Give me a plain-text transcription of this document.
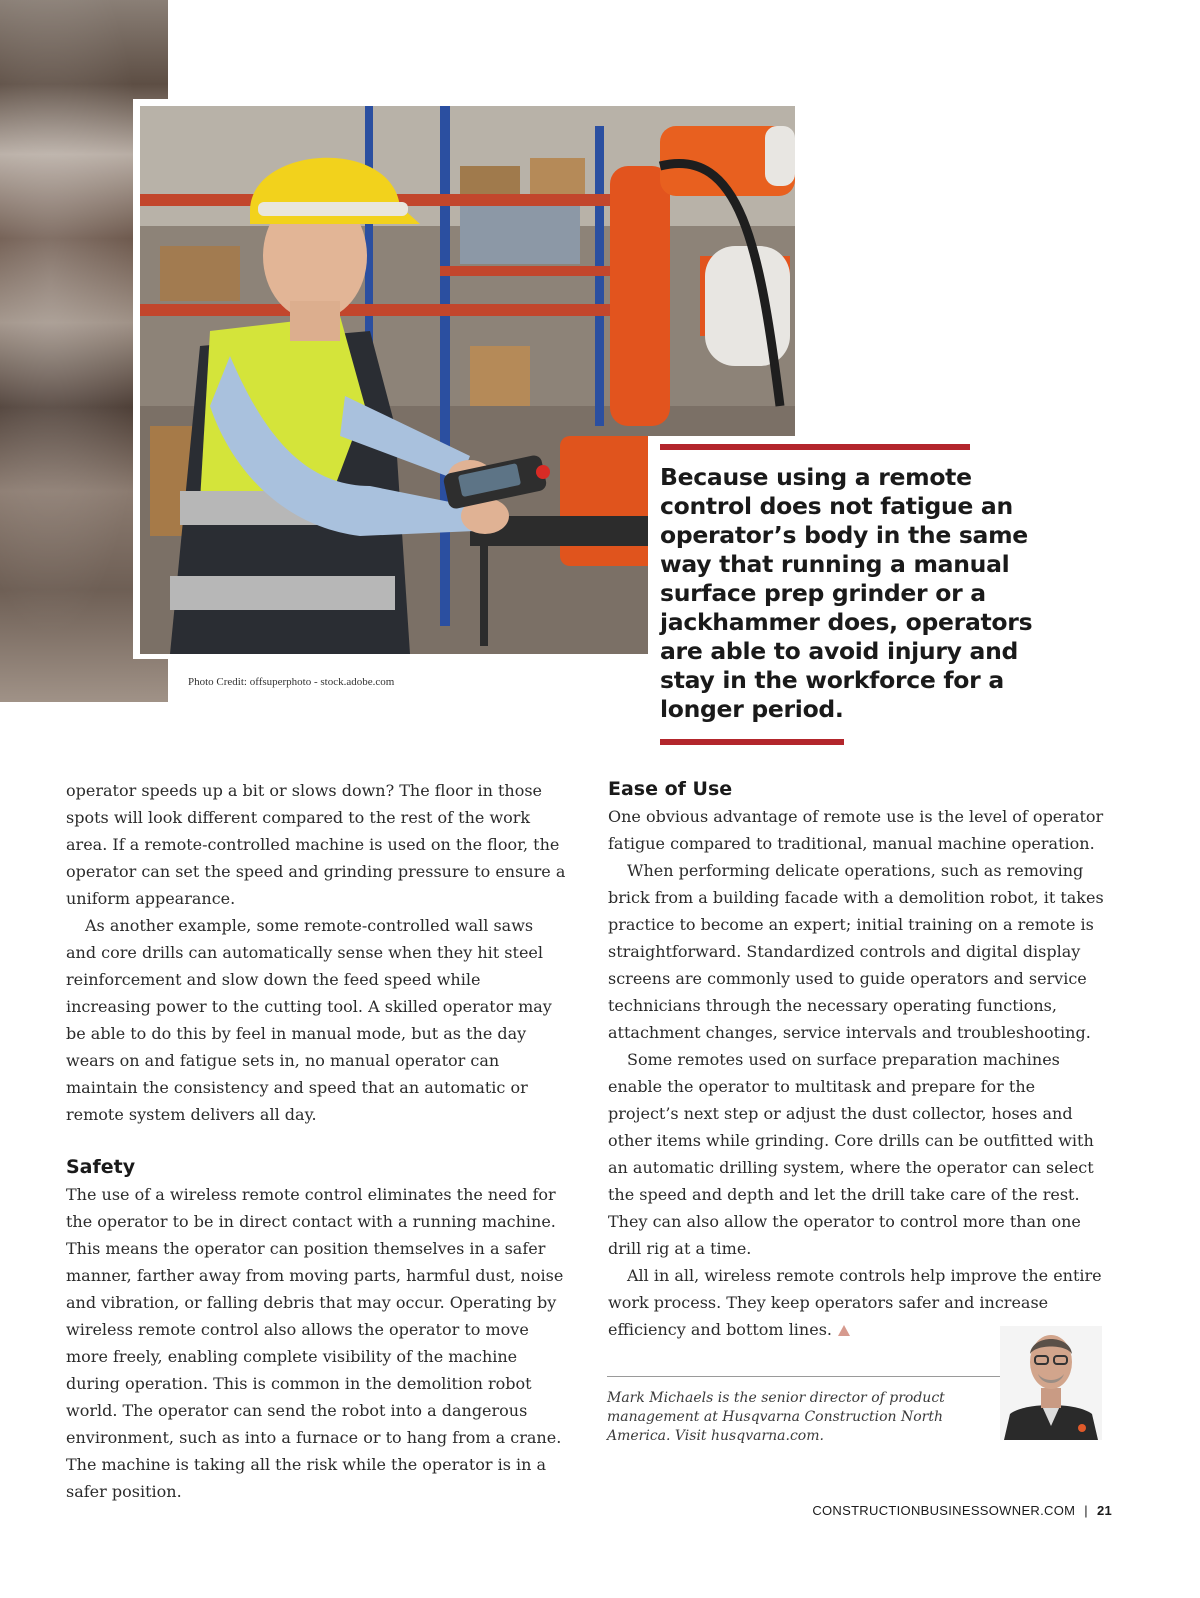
Photo Credit: offsuperphoto - stock.adobe.com

Because using a remote control does not fatigue an operator’s body in the same way that running a manual surface prep grinder or a jackhammer does, operators are able to avoid injury and stay in the workforce for a longer period.

operator speeds up a bit or slows down? The floor in those spots will look different compared to the rest of the work area. If a remote-controlled machine is used on the floor, the operator can set the speed and grinding pressure to ensure a uniform appearance.

As another example, some remote-controlled wall saws and core drills can automatically sense when they hit steel reinforcement and slow down the feed speed while increasing power to the cutting tool. A skilled operator may be able to do this by feel in manual mode, but as the day wears on and fatigue sets in, no manual operator can maintain the consistency and speed that an automatic or remote system delivers all day.

Safety

The use of a wireless remote control eliminates the need for the operator to be in direct contact with a running machine. This means the operator can position themselves in a safer manner, farther away from moving parts, harmful dust, noise and vibration, or falling debris that may occur. Operating by wireless remote control also allows the operator to move more freely, enabling complete visibility of the machine during operation. This is common in the demolition robot world. The operator can send the robot into a dangerous environment, such as into a furnace or to hang from a crane. The machine is taking all the risk while the operator is in a safer position.

Ease of Use

One obvious advantage of remote use is the level of operator fatigue compared to traditional, manual machine operation.

When performing delicate operations, such as removing brick from a building facade with a demolition robot, it takes practice to become an expert; initial training on a remote is straightforward. Standardized controls and digital display screens are commonly used to guide operators and service technicians through the necessary operating functions, attachment changes, service intervals and troubleshooting.

Some remotes used on surface preparation machines enable the operator to multitask and prepare for the project’s next step or adjust the dust collector, hoses and other items while grinding. Core drills can be outfitted with an automatic drilling system, where the operator can select the speed and depth and let the drill take care of the rest. They can also allow the operator to control more than one drill rig at a time.

All in all, wireless remote controls help improve the entire work process. They keep operators safer and increase efficiency and bottom lines.

Mark Michaels is the senior director of product management at Husqvarna Construction North America. Visit husqvarna.com.
CONSTRUCTIONBUSINESSOWNER.COM | 21
